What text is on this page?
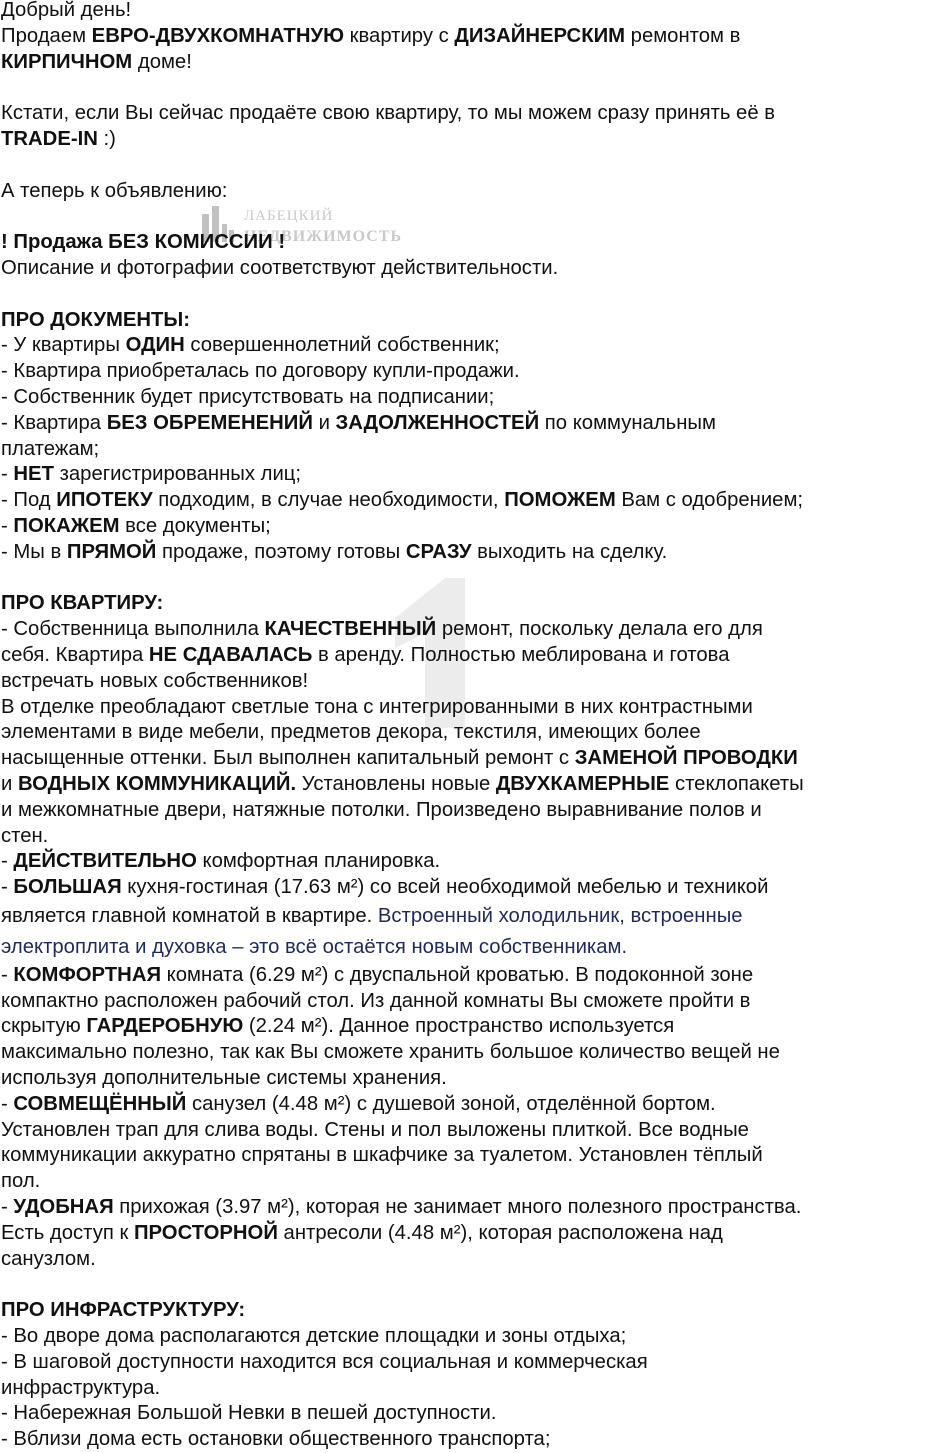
ЛАБЕЦКИЙ
НЕДВИЖИМОСТЬ
Добрый день!
Продаем ЕВРО-ДВУХКОМНАТНУЮ квартиру с ДИЗАЙНЕРСКИМ ремонтом в
КИРПИЧНОМ доме!
Кстати, если Вы сейчас продаёте свою квартиру, то мы можем сразу принять её в
TRADE-IN :)
А теперь к объявлению:
! Продажа БЕЗ КОМИССИИ !
Описание и фотографии соответствуют действительности.
ПРО ДОКУМЕНТЫ:
- У квартиры ОДИН совершеннолетний собственник;
- Квартира приобреталась по договору купли-продажи.
- Собственник будет присутствовать на подписании;
- Квартира БЕЗ ОБРЕМЕНЕНИЙ и ЗАДОЛЖЕННОСТЕЙ по коммунальным
платежам;
- НЕТ зарегистрированных лиц;
- Под ИПОТЕКУ подходим, в случае необходимости, ПОМОЖЕМ Вам с одобрением;
- ПОКАЖЕМ все документы;
- Мы в ПРЯМОЙ продаже, поэтому готовы СРАЗУ выходить на сделку.
ПРО КВАРТИРУ:
- Собственница выполнила КАЧЕСТВЕННЫЙ ремонт, поскольку делала его для
себя. Квартира НЕ СДАВАЛАСЬ в аренду. Полностью меблирована и готова
встречать новых собственников!
В отделке преобладают светлые тона с интегрированными в них контрастными
элементами в виде мебели, предметов декора, текстиля, имеющих более
насыщенные оттенки. Был выполнен капитальный ремонт с ЗАМЕНОЙ ПРОВОДКИ
и ВОДНЫХ КОММУНИКАЦИЙ. Установлены новые ДВУХКАМЕРНЫЕ стеклопакеты
и межкомнатные двери, натяжные потолки. Произведено выравнивание полов и
стен.
- ДЕЙСТВИТЕЛЬНО комфортная планировка.
- БОЛЬШАЯ кухня-гостиная (17.63 м²) со всей необходимой мебелью и техникой
является главной комнатой в квартире. Встроенный холодильник, встроенные
электроплита и духовка – это всё остаётся новым собственникам.
- КОМФОРТНАЯ комната (6.29 м²) с двуспальной кроватью. В подоконной зоне
компактно расположен рабочий стол. Из данной комнаты Вы сможете пройти в
скрытую ГАРДЕРОБНУЮ (2.24 м²). Данное пространство используется
максимально полезно, так как Вы сможете хранить большое количество вещей не
используя дополнительные системы хранения.
- СОВМЕЩЁННЫЙ санузел (4.48 м²) с душевой зоной, отделённой бортом.
Установлен трап для слива воды. Стены и пол выложены плиткой. Все водные
коммуникации аккуратно спрятаны в шкафчике за туалетом. Установлен тёплый
пол.
- УДОБНАЯ прихожая (3.97 м²), которая не занимает много полезного пространства.
Есть доступ к ПРОСТОРНОЙ антресоли (4.48 м²), которая расположена над
санузлом.
ПРО ИНФРАСТРУКТУРУ:
- Во дворе дома располагаются детские площадки и зоны отдыха;
- В шаговой доступности находится вся социальная и коммерческая
инфраструктура.
- Набережная Большой Невки в пешей доступности.
- Вблизи дома есть остановки общественного транспорта;
